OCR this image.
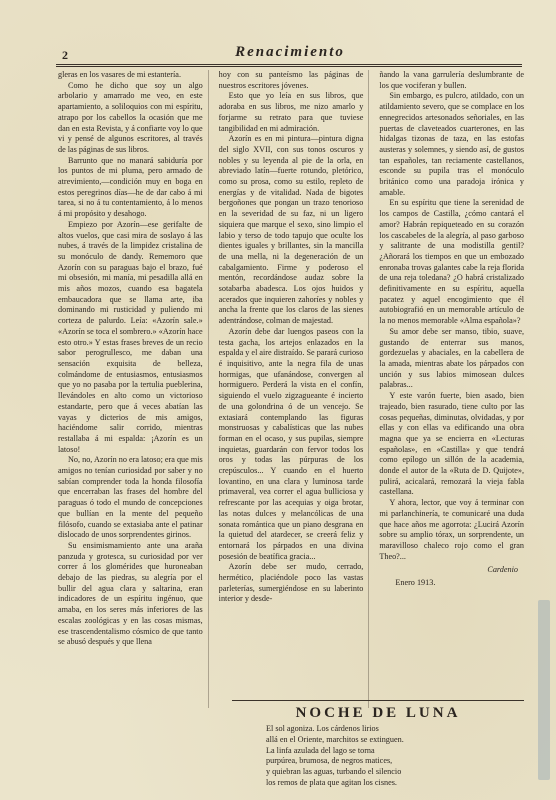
2	Renacimiento

gleras en los vasares de mi estantería.

Como he dicho que soy un algo arbolario y amarrado me veo, en este apartamiento, a soliloquios con mi espíritu, atrapo por los cabellos la ocasión que me dan en esta Revista, y á confiarte voy lo que vi y pensé de algunos escritores, al través de las páginas de sus libros.

Barrunto que no manará sabiduría por los puntos de mi pluma, pero armado de atrevimiento,—condición muy en boga en estos peregrinos días—he de dar cabo á mi tarea, si no á tu contentamiento, á lo menos á mi propósito y desahogo.

Empiezo por Azorín—ese gerifalte de altos vuelos, que casi mira de soslayo á las nubes, á través de la limpidez cristalina de su monóculo de dandy. Rememoro que Azorín con su paraguas bajo el brazo, fué mi obsesión, mi manía, mi pesadilla allá en mis años mozos, cuando esa bagatela embaucadora que se llama arte, iba dominando mi rusticidad y puliendo mi corteza de palurdo. Leía: «Azorín sale.» «Azorín se toca el sombrero.» «Azorín hace esto otro.» Y estas frases breves de un recio sabor perogrullesco, me daban una sensación exquisita de belleza, colmándome de entusiasmos, entusiasmos que yo no pasaba por la tertulia pueblerina, llevándoles en alto como un victorioso estandarte, pero que á veces abatían las vayas y dicterios de mis amigos, haciéndome salir corrido, mientras restallaba á mi espalda: ¡Azorín es un latoso!

No, no, Azorín no era latoso; era que mis amigos no tenían curiosidad por saber y no sabían comprender toda la honda filosofía que encerraban las frases del hombre del paraguas ó todo el mundo de concepciones que bullían en la mente del pequeño filósofo, cuando se extasiaba ante el patinar dislocado de unos sorprendentes girinos.

Su ensimismamiento ante una araña panzuda y grotesca, su curiosidad por ver correr á los glomérides que huroneaban debajo de las piedras, su alegría por el bullir del agua clara y saltarina, eran indicadores de un espíritu ingénuo, que amaba, en los seres más inferiores de las escalas zoológicas y en las cosas mismas, ese trascendentalismo cósmico de que tanto se abusó después y que llena

hoy con su panteísmo las páginas de nuestros escritores jóvenes.

Esto que yo leía en sus libros, que adoraba en sus libros, me nizo amarlo y forjarme su retrato para que tuviese tangibilidad en mi admiración.

Azorín es en mi pintura—pintura digna del siglo XVII, con sus tonos oscuros y nobles y su leyenda al pie de la orla, en abreviado latín—fuerte rotundo, pletórico, como su prosa, como su estilo, repleto de energías y de vitalidad. Nada de bigotes bergoñones que pongan un trazo tenorioso en la severidad de su faz, ni un ligero siquiera que marque el sexo, sino limpio el labio y terso de todo tapujo que oculte los dientes iguales y brillantes, sin la mancilla de una mella, ni la degeneración de un cabalgamiento. Firme y poderoso el mentón, recordándose audaz sobre la sotabarba abadesca. Los ojos huidos y acerados que inquieren zahoríes y nobles y ancha la frente que los claros de las sienes adentrándose, colman de majestad.

Azorín debe dar luengos paseos con la testa gacha, los artejos enlazados en la espalda y el aire distraído. Se parará curioso é inquisitivo, ante la negra fila de unas hormigas, que ufanándose, convergen al hormiguero. Perderá la vista en el confín, siguiendo el vuelo zigzagueante é incierto de una golondrina ó de un vencejo. Se extasiará contemplando las figuras monstruosas y cabalísticas que las nubes forman en el ocaso, y sus pupilas, siempre inquietas, guardarán con fervor todos los oros y todas las púrpuras de los crepúsculos... Y cuando en el huerto lovantino, en una clara y luminosa tarde primaveral, vea correr el agua bulliciosa y refrescante por las acequias y oiga brotar, las notas dulces y melancólicas de una sonata romántica que un piano desgrana en la quietud del atardecer, se creerá feliz y entornará los párpados en una divina posesión de beatífica gracia...

Azorín debe ser mudo, cerrado, hermético, placiéndole poco las vastas parleterías, sumergiéndose en su laberinto interior y desde-

ñando la vana garrulería deslumbrante de los que vociferan y bullen.

Sin embargo, es pulcro, atildado, con un atildamiento severo, que se complace en los ennegrecidos artesonados señoriales, en las puertas de claveteados cuarterones, en las hidalgas tizonas de taza, en las estofas austeras y solemnes, y siendo así, de gustos tan españoles, tan reciamente castellanos, esconde su pupila tras el monóculo británico como una paradoja irónica y amable.

En su espíritu que tiene la serenidad de los campos de Castilla, ¿cómo cantará el amor? Habrán repiqueteado en su corazón los cascabeles de la alegría, al paso garboso y salitrante de una modistilla gentil? ¿Añorará los tiempos en que un embozado enronaba trovas galantes cabe la reja florida de una reja toledana? ¿O habrá cristalizado definitivamente en su espíritu, aquella pacatez y aquel encogimiento que él autobiografió en un memorable artículo de la no menos memorable «Alma española»?

Su amor debe ser manso, tibio, suave, gustando de enterrar sus manos, gordezuelas y abaciales, en la cabellera de la amada, mientras abate los párpados con unción y sus labios mimosean dulces palabras...

Y este varón fuerte, bien asado, bien trajeado, bien rasurado, tiene culto por las cosas pequeñas, diminutas, olvidadas, y por ellas y con ellas va edificando una obra magna que ya se encierra en «Lecturas españolas», en «Castilla» y que tendrá como epílogo un sillón de la academia, donde el autor de la «Ruta de D. Quijote», pulirá, acicalará, remozará la vieja fabla castellana.

Y ahora, lector, que voy á terminar con mi parlanchinería, te comunicaré una duda que hace años me agorrota: ¿Lucirá Azorín sobre su amplio tórax, un sorprendente, un maravilloso chaleco rojo como el gran Theo?...

Cardenio

Enero 1913.

NOCHE DE LUNA
El sol agoniza. Los cárdenos lirios
allá en el Oriente, marchitos se extinguen.
La linfa azulada del lago se torna
purpúrea, brumosa, de negros matices,
y quiebran las aguas, turbando el silencio
los remos de plata que agitan los cisnes.
